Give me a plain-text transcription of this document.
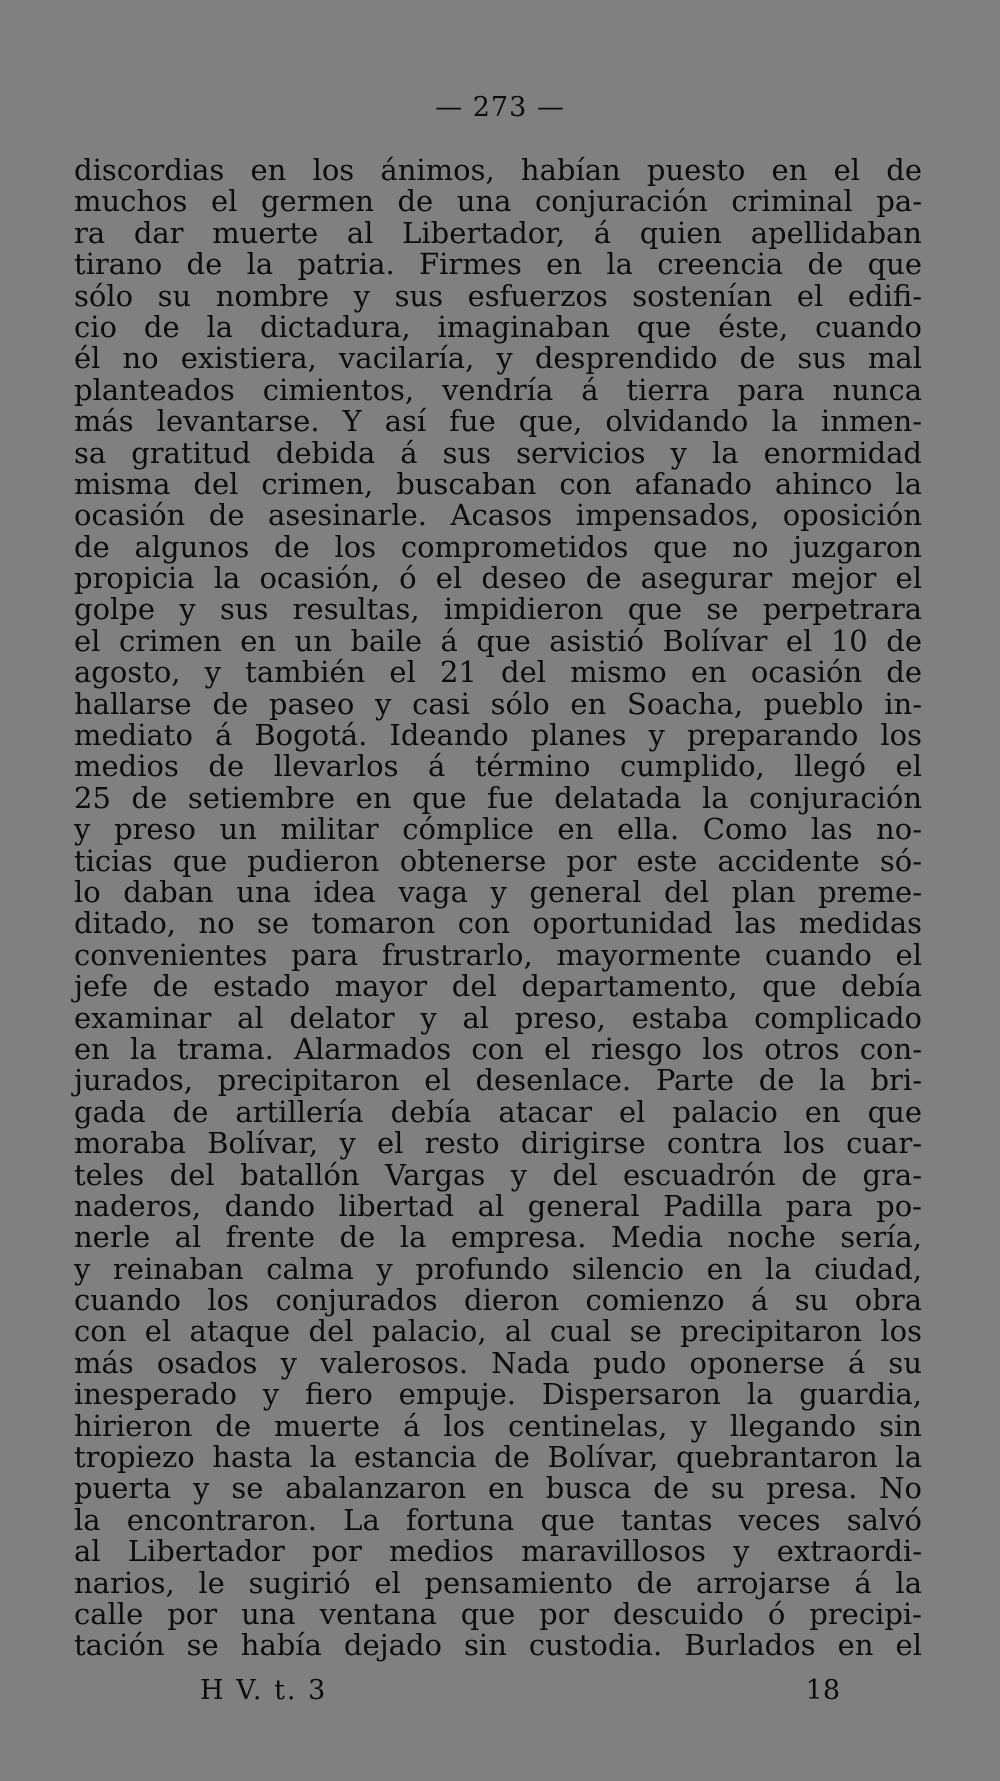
— 273 —
discordias en los ánimos, habían puesto en el de
muchos el germen de una conjuración criminal pa-
ra dar muerte al Libertador, á quien apellidaban
tirano de la patria. Firmes en la creencia de que
sólo su nombre y sus esfuerzos sostenían el edifi-
cio de la dictadura, imaginaban que éste, cuando
él no existiera, vacilaría, y desprendido de sus mal
planteados cimientos, vendría á tierra para nunca
más levantarse. Y así fue que, olvidando la inmen-
sa gratitud debida á sus servicios y la enormidad
misma del crimen, buscaban con afanado ahinco la
ocasión de asesinarle. Acasos impensados, oposición
de algunos de los comprometidos que no juzgaron
propicia la ocasión, ó el deseo de asegurar mejor el
golpe y sus resultas, impidieron que se perpetrara
el crimen en un baile á que asistió Bolívar el 10 de
agosto, y también el 21 del mismo en ocasión de
hallarse de paseo y casi sólo en Soacha, pueblo in-
mediato á Bogotá. Ideando planes y preparando los
medios de llevarlos á término cumplido, llegó el
25 de setiembre en que fue delatada la conjuración
y preso un militar cómplice en ella. Como las no-
ticias que pudieron obtenerse por este accidente só-
lo daban una idea vaga y general del plan preme-
ditado, no se tomaron con oportunidad las medidas
convenientes para frustrarlo, mayormente cuando el
jefe de estado mayor del departamento, que debía
examinar al delator y al preso, estaba complicado
en la trama. Alarmados con el riesgo los otros con-
jurados, precipitaron el desenlace. Parte de la bri-
gada de artillería debía atacar el palacio en que
moraba Bolívar, y el resto dirigirse contra los cuar-
teles del batallón Vargas y del escuadrón de gra-
naderos, dando libertad al general Padilla para po-
nerle al frente de la empresa. Media noche sería,
y reinaban calma y profundo silencio en la ciudad,
cuando los conjurados dieron comienzo á su obra
con el ataque del palacio, al cual se precipitaron los
más osados y valerosos. Nada pudo oponerse á su
inesperado y fiero empuje. Dispersaron la guardia,
hirieron de muerte á los centinelas, y llegando sin
tropiezo hasta la estancia de Bolívar, quebrantaron la
puerta y se abalanzaron en busca de su presa. No
la encontraron. La fortuna que tantas veces salvó
al Libertador por medios maravillosos y extraordi-
narios, le sugirió el pensamiento de arrojarse á la
calle por una ventana que por descuido ó precipi-
tación se había dejado sin custodia. Burlados en el
H V. t. 3	18
